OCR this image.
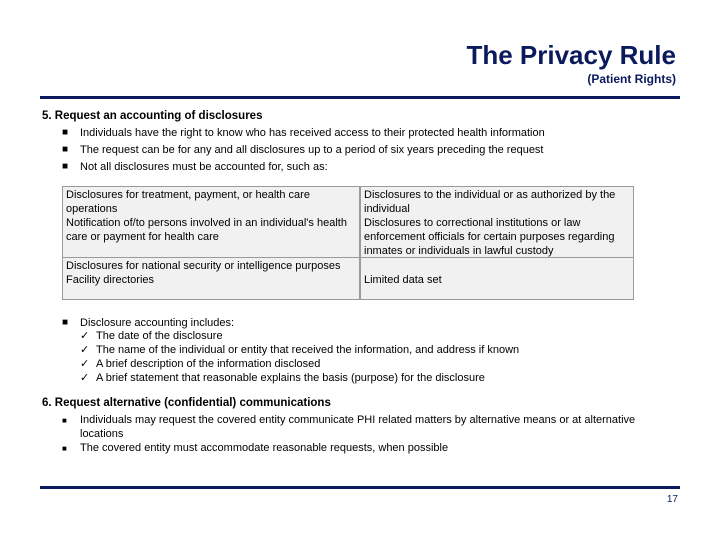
The Privacy Rule
(Patient Rights)
5. Request an accounting of disclosures
■ Individuals have the right to know who has received access to their protected health information
■ The request can be for any and all disclosures up to a period of six years preceding the request
■ Not all disclosures must be accounted for, such as:
Disclosures for treatment, payment, or health care operations
Notification of/to persons involved in an individual's health care or payment for health care
Disclosures to the individual or as authorized by the individual
Disclosures to correctional institutions or law enforcement officials for certain purposes regarding inmates or individuals in lawful custody
Disclosures for national security or intelligence purposes
Facility directories	Limited data set
■ Disclosure accounting includes:
✓ The date of the disclosure
✓ The name of the individual or entity that received the information, and address if known
✓ A brief description of the information disclosed
✓ A brief statement that reasonable explains the basis (purpose) for the disclosure
6. Request alternative (confidential) communications
■ Individuals may request the covered entity communicate PHI related matters by alternative means or at alternative locations
■ The covered entity must accommodate reasonable requests, when possible
17
